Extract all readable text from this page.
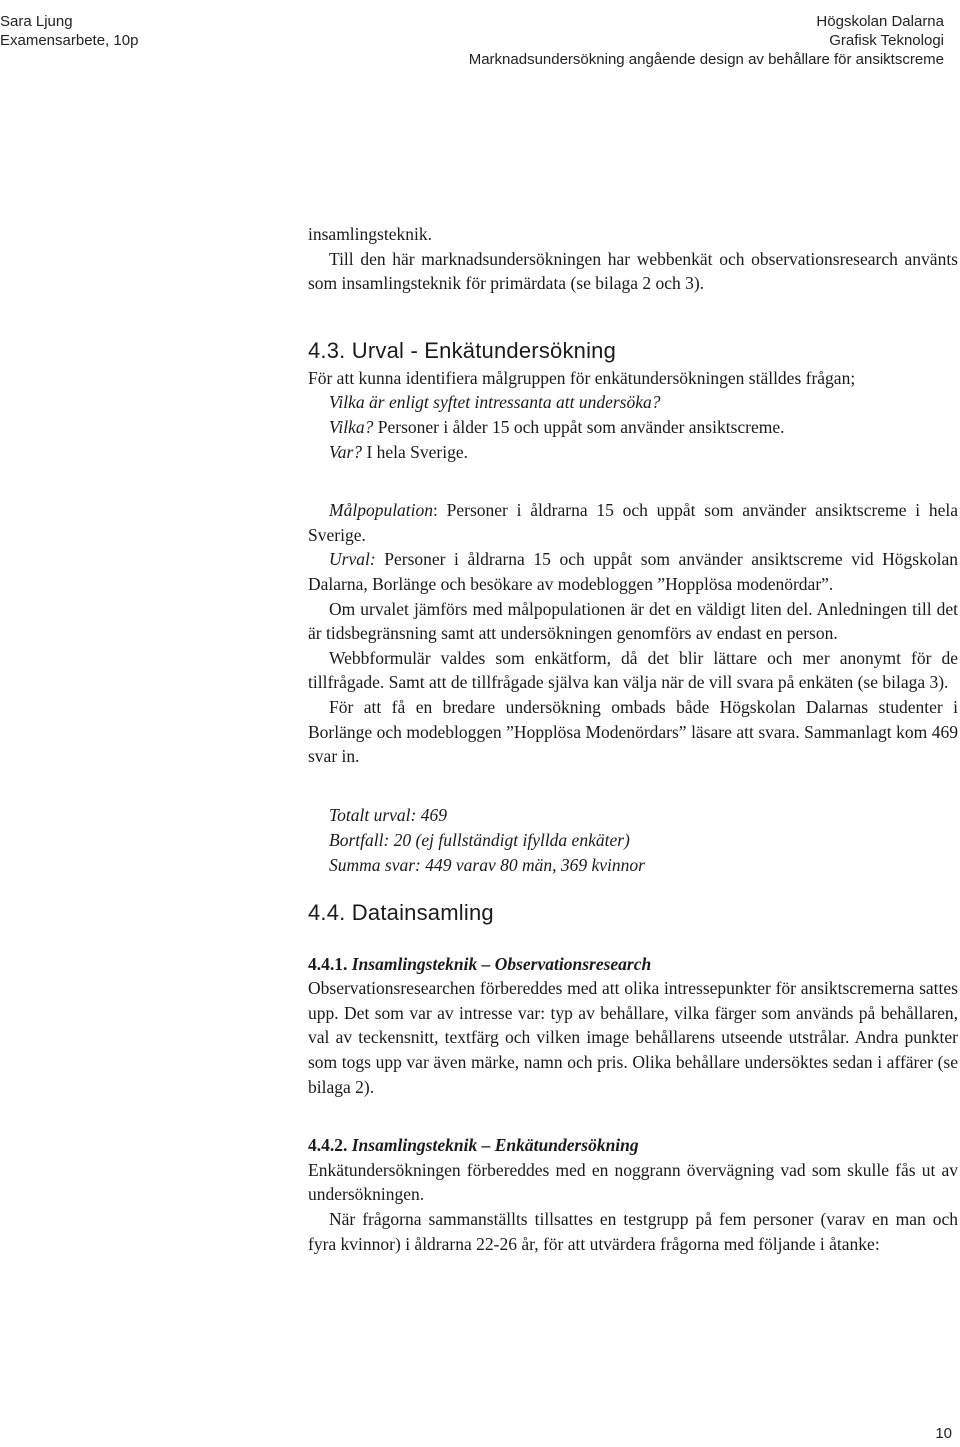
Sara Ljung
Examensarbete, 10p
Högskolan Dalarna
Grafisk Teknologi
Marknadsundersökning angående design av behållare för ansiktscreme

insamlingsteknik.

Till den här marknadsundersökningen har webbenkät och observationsresearch använts som insamlingsteknik för primärdata (se bilaga 2 och 3).

4.3. Urval - Enkätundersökning

För att kunna identifiera målgruppen för enkätundersökningen ställdes frågan;

Vilka är enligt syftet intressanta att undersöka?

Vilka? Personer i ålder 15 och uppåt som använder ansiktscreme.

Var? I hela Sverige.

Målpopulation: Personer i åldrarna 15 och uppåt som använder ansiktscreme i hela Sverige.

Urval: Personer i åldrarna 15 och uppåt som använder ansiktscreme vid Högskolan Dalarna, Borlänge och besökare av modebloggen ”Hopplösa modenördar”.

Om urvalet jämförs med målpopulationen är det en väldigt liten del. Anledningen till det är tidsbegränsning samt att undersökningen genomförs av endast en person.

Webbformulär valdes som enkätform, då det blir lättare och mer anonymt för de tillfrågade. Samt att de tillfrågade själva kan välja när de vill svara på enkäten (se bilaga 3).

För att få en bredare undersökning ombads både Högskolan Dalarnas studenter i Borlänge och modebloggen ”Hopplösa Modenördars” läsare att svara. Sammanlagt kom 469 svar in.

Totalt urval: 469
Bortfall: 20 (ej fullständigt ifyllda enkäter)
Summa svar: 449 varav 80 män, 369 kvinnor
4.4. Datainsamling

4.4.1. Insamlingsteknik – Observationsresearch

Observationsresearchen förbereddes med att olika intressepunkter för ansiktscremerna sattes upp. Det som var av intresse var: typ av behållare, vilka färger som används på behållaren, val av teckensnitt, textfärg och vilken image behållarens utseende utstrålar. Andra punkter som togs upp var även märke, namn och pris. Olika behållare undersöktes sedan i affärer (se bilaga 2).

4.4.2. Insamlingsteknik – Enkätundersökning

Enkätundersökningen förbereddes med en noggrann övervägning vad som skulle fås ut av undersökningen.

När frågorna sammanställts tillsattes en testgrupp på fem personer (varav en man och fyra kvinnor) i åldrarna 22-26 år, för att utvärdera frågorna med följande i åtanke:

10
